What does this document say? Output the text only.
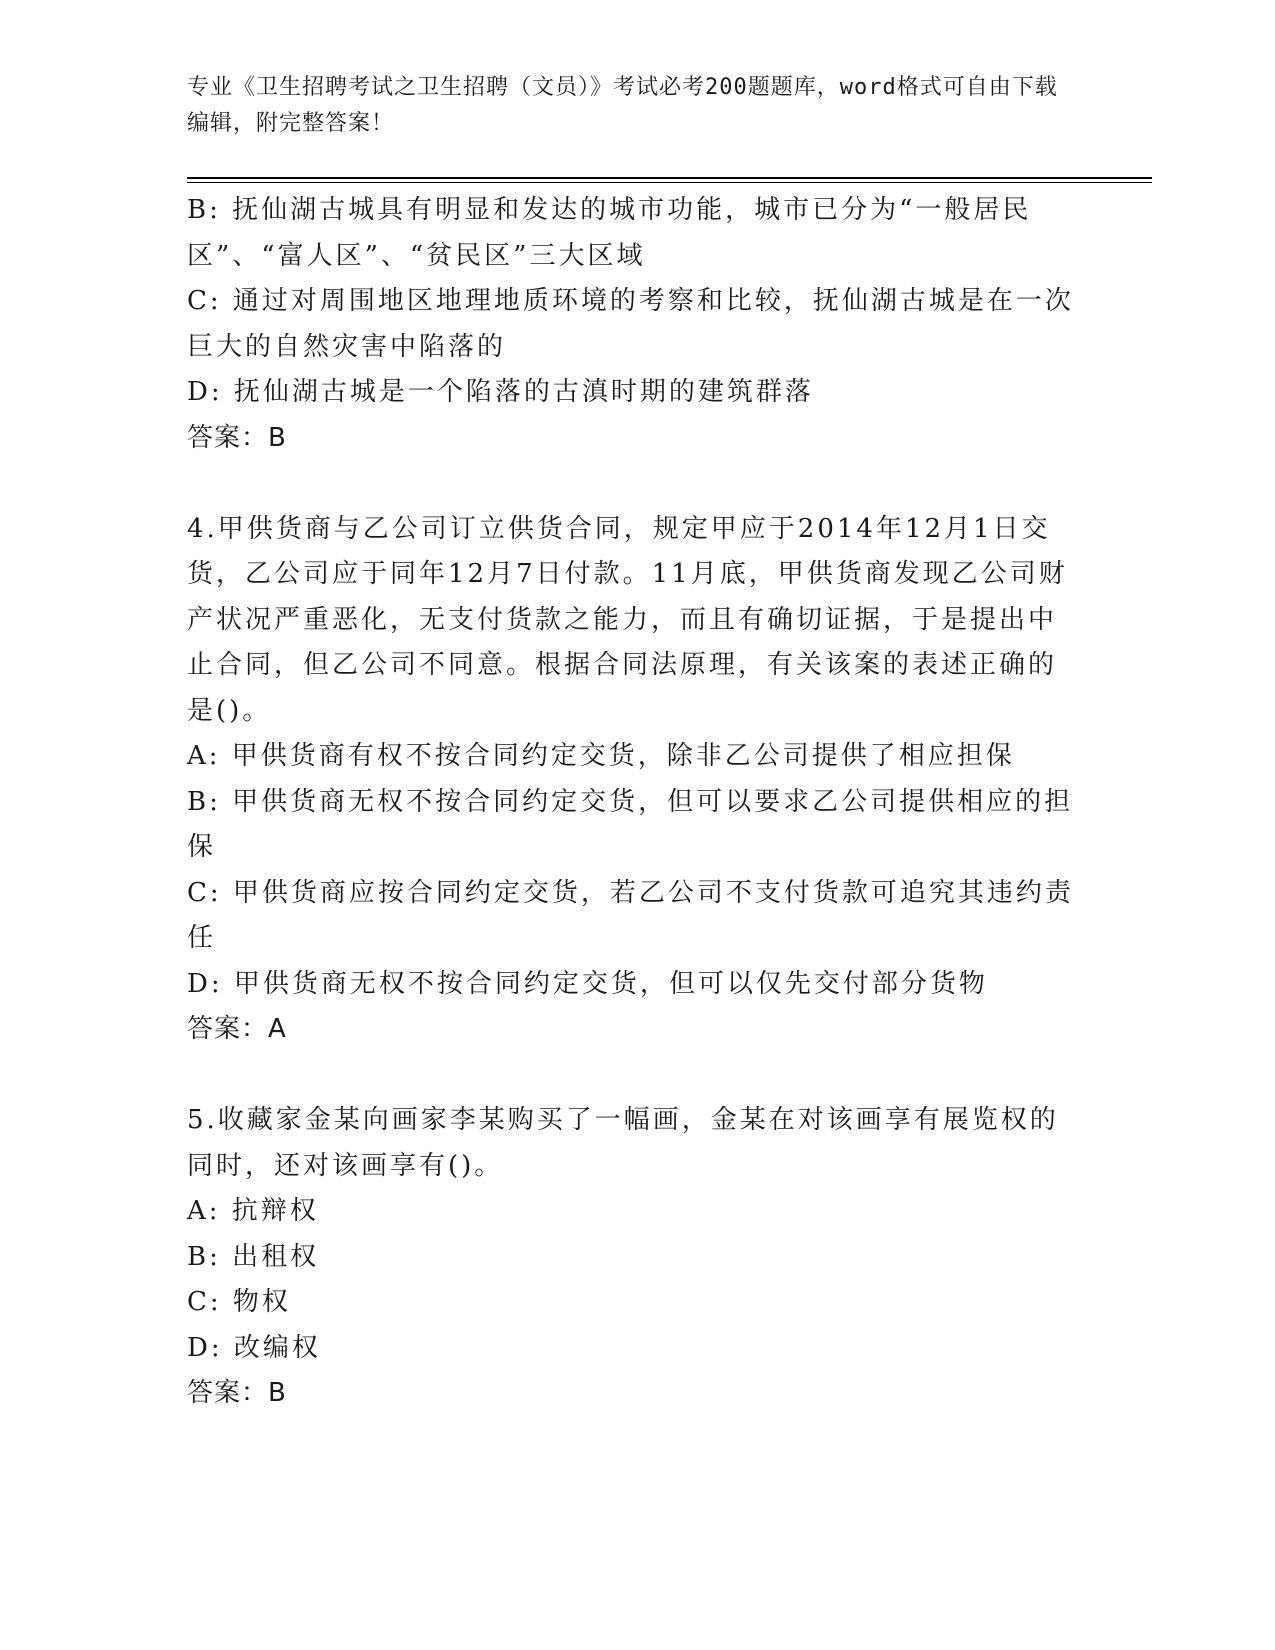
专业《卫生招聘考试之卫生招聘（文员）》考试必考200题题库，word格式可自由下载编辑，附完整答案！
B: 抚仙湖古城具有明显和发达的城市功能，城市已分为“一般居民区”、“富人区”、“贫民区”三大区域
C: 通过对周围地区地理地质环境的考察和比较，抚仙湖古城是在一次巨大的自然灾害中陷落的
D: 抚仙湖古城是一个陷落的古滇时期的建筑群落
答案：B
4.甲供货商与乙公司订立供货合同，规定甲应于2014年12月1日交货，乙公司应于同年12月7日付款。11月底，甲供货商发现乙公司财产状况严重恶化，无支付货款之能力，而且有确切证据，于是提出中止合同，但乙公司不同意。根据合同法原理，有关该案的表述正确的是()。
A: 甲供货商有权不按合同约定交货，除非乙公司提供了相应担保
B: 甲供货商无权不按合同约定交货，但可以要求乙公司提供相应的担保
C: 甲供货商应按合同约定交货，若乙公司不支付货款可追究其违约责任
D: 甲供货商无权不按合同约定交货，但可以仅先交付部分货物
答案：A
5.收藏家金某向画家李某购买了一幅画，金某在对该画享有展览权的同时，还对该画享有()。
A: 抗辩权
B: 出租权
C: 物权
D: 改编权
答案：B
